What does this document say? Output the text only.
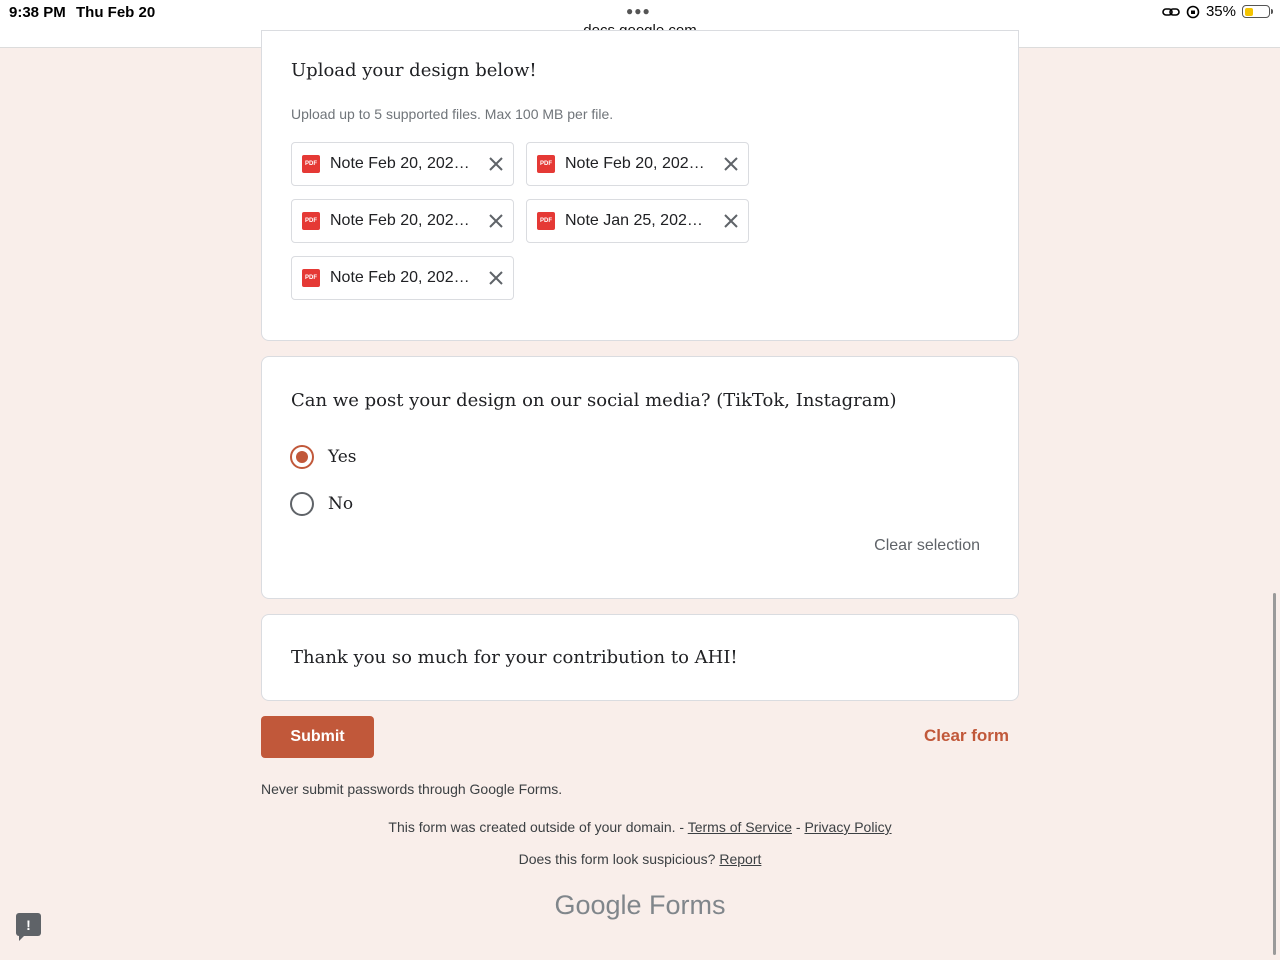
9:38 PM Thu Feb 20	●●●	35%
Upload your design below!
Upload up to 5 supported files. Max 100 MB per file.
PDF Note Feb 20, 202…	PDF Note Feb 20, 202…
PDF Note Feb 20, 202…	PDF Note Jan 25, 202…
PDF Note Feb 20, 202…
Can we post your design on our social media? (TikTok, Instagram)
Yes
No
Clear selection
Thank you so much for your contribution to AHI!
Submit	Clear form
Never submit passwords through Google Forms.
This form was created outside of your domain. - Terms of Service - Privacy Policy
Does this form look suspicious? Report
Google Forms
!
